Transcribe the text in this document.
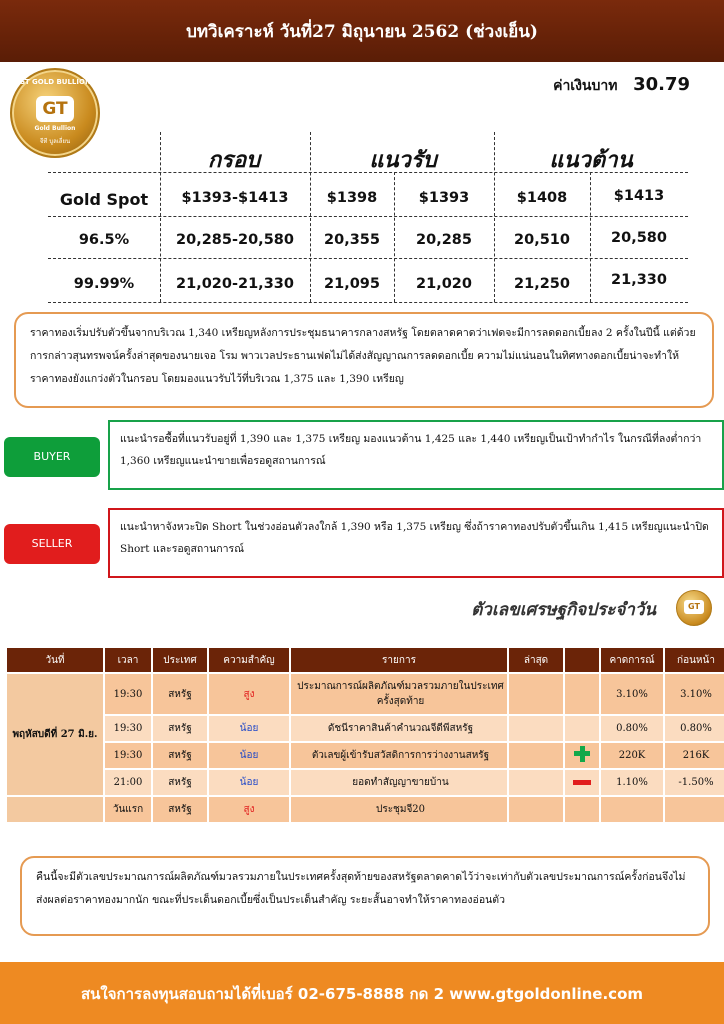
บทวิเคราะห์ วันที่27 มิถุนายน 2562 (ช่วงเย็น)
GT GOLD BULLION
GT
Gold Bullion
จีที บูลเลี่ยน
ค่าเงินบาท 30.79
กรอบ	แนวรับ	แนวต้าน
Gold Spot	$1393-$1413	$1398	$1393	$1408	$1413
96.5%	20,285-20,580	20,355	20,285	20,510	20,580
99.99%	21,020-21,330	21,095	21,020	21,250	21,330
ราคาทองเริ่มปรับตัวขึ้นจากบริเวณ 1,340 เหรียญหลังการประชุมธนาคารกลางสหรัฐ โดยตลาดคาดว่าเฟดจะมีการลดดอกเบี้ยลง 2 ครั้งในปีนี้ แต่ด้วยการกล่าวสุนทรพจน์ครั้งล่าสุดของนายเจอ โรม พาวเวลประธานเฟดไม่ได้ส่งสัญญาณการลดดอกเบี้ย ความไม่แน่นอนในทิศทางดอกเบี้ยน่าจะทำให้ราคาทองยังแกว่งตัวในกรอบ โดยมองแนวรับไว้ที่บริเวณ 1,375 และ 1,390 เหรียญ
BUYER
แนะนำรอซื้อที่แนวรับอยู่ที่ 1,390 และ 1,375 เหรียญ มองแนวต้าน 1,425 และ 1,440 เหรียญเป็นเป้าทำกำไร ในกรณีที่ลงต่ำกว่า 1,360 เหรียญแนะนำขายเพื่อรอดูสถานการณ์
SELLER
แนะนำหาจังหวะปิด Short ในช่วงอ่อนตัวลงใกล้ 1,390 หรือ 1,375 เหรียญ ซึ่งถ้าราคาทองปรับตัวขึ้นเกิน 1,415 เหรียญแนะนำปิด Short และรอดูสถานการณ์
ตัวเลขเศรษฐกิจประจำวัน	GT
วันที่	เวลา	ประเทศ	ความสำคัญ	รายการ	ล่าสุด		คาดการณ์	ก่อนหน้า
พฤหัสบดีที่ 27 มิ.ย.	19:30	สหรัฐ	สูง	ประมาณการณ์ผลิตภัณฑ์มวลรวมภายในประเทศครั้งสุดท้าย			3.10%	3.10%
	19:30	สหรัฐ	น้อย	ดัชนีราคาสินค้าคำนวณจีดีพีสหรัฐ			0.80%	0.80%
	19:30	สหรัฐ	น้อย	ตัวเลขผู้เข้ารับสวัสดิการการว่างงานสหรัฐ			220K	216K
	21:00	สหรัฐ	น้อย	ยอดทำสัญญาขายบ้าน			1.10%	-1.50%
	วันแรก	สหรัฐ	สูง	ประชุมจี20				
คืนนี้จะมีตัวเลขประมาณการณ์ผลิตภัณฑ์มวลรวมภายในประเทศครั้งสุดท้ายของสหรัฐตลาดคาดไว้ว่าจะเท่ากับตัวเลขประมาณการณ์ครั้งก่อนจึงไม่ส่งผลต่อราคาทองมากนัก ขณะที่ประเด็นดอกเบี้ยซึ่งเป็นประเด็นสำคัญ ระยะสั้นอาจทำให้ราคาทองอ่อนตัว
สนใจการลงทุนสอบถามได้ที่เบอร์ 02-675-8888 กด 2 www.gtgoldonline.com
